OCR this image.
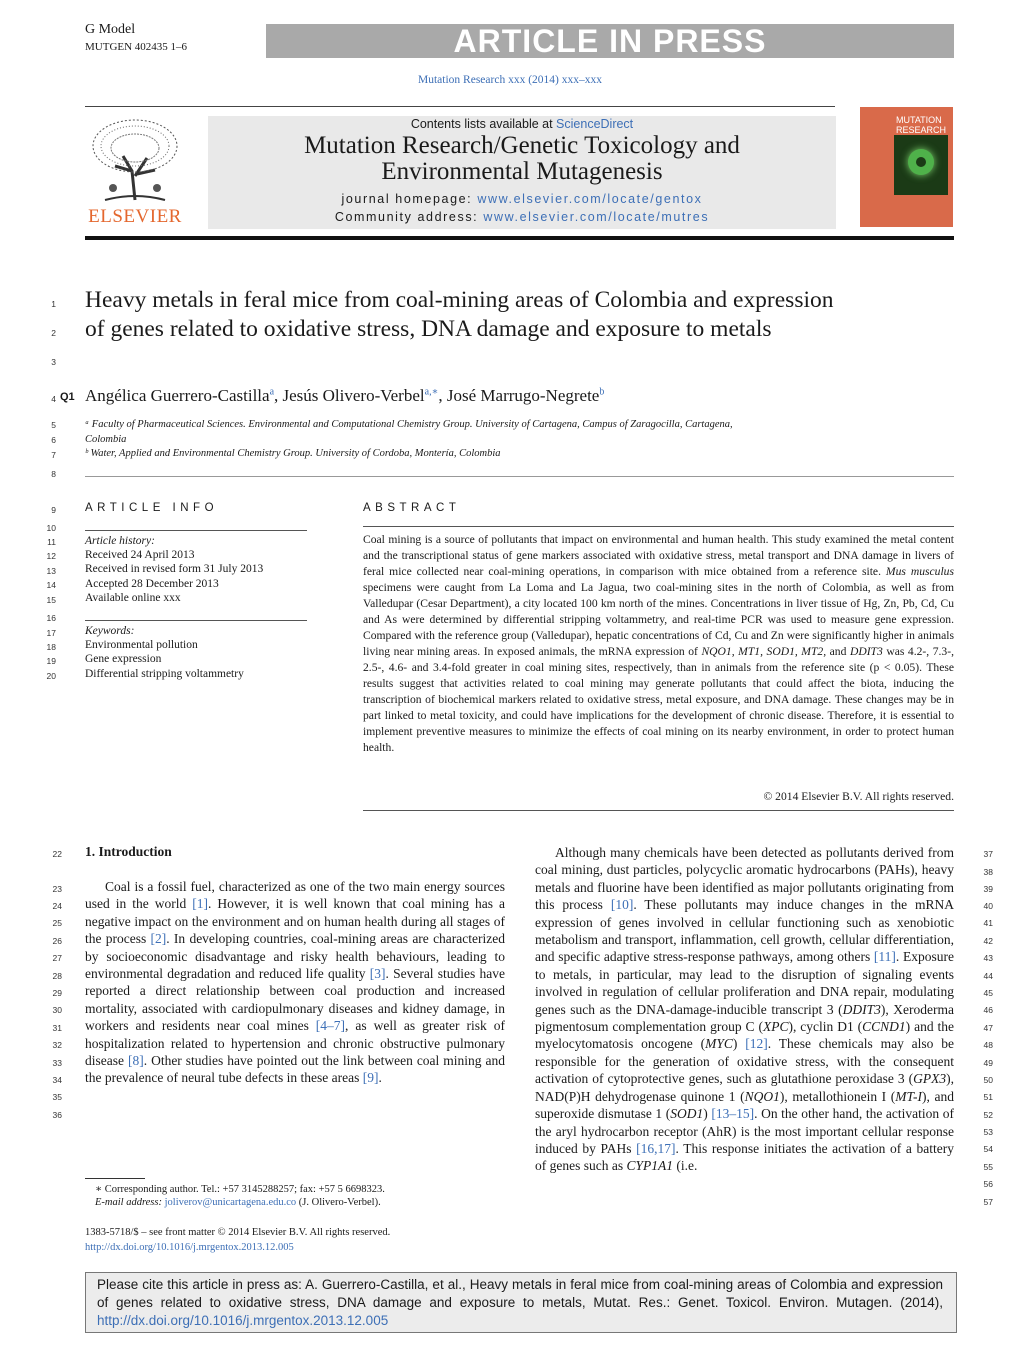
G Model
MUTGEN 402435 1–6	ARTICLE IN PRESS
Mutation Research xxx (2014) xxx–xxx
ELSEVIER
Contents lists available at ScienceDirect
Mutation Research/Genetic Toxicology and
Environmental Mutagenesis
journal homepage: www.elsevier.com/locate/gentox
Community address: www.elsevier.com/locate/mutres
MUTATION
RESEARCH
1
2
3
4
5
6
7
8
Q1
Heavy metals in feral mice from coal-mining areas of Colombia and expression of genes related to oxidative stress, DNA damage and exposure to metals
Angélica Guerrero-Castilla$^a$, Jesús Olivero-Verbel$^{a,∗}$, José Marrugo-Negrete$^b$
ᵃ Faculty of Pharmaceutical Sciences. Environmental and Computational Chemistry Group. University of Cartagena, Campus of Zaragocilla, Cartagena,
Colombia
ᵇ Water, Applied and Environmental Chemistry Group. University of Cordoba, Montería, Colombia
9
10
11
12
13
14
15
16
17
18
19
20
ARTICLE INFO
Article history:
Received 24 April 2013
Received in revised form 31 July 2013
Accepted 28 December 2013
Available online xxx
Keywords:
Environmental pollution
Gene expression
Differential stripping voltammetry
ABSTRACT
Coal mining is a source of pollutants that impact on environmental and human health. This study examined the metal content and the transcriptional status of gene markers associated with oxidative stress, metal transport and DNA damage in livers of feral mice collected near coal-mining operations, in comparison with mice obtained from a reference site. Mus musculus specimens were caught from La Loma and La Jagua, two coal-mining sites in the north of Colombia, as well as from Valledupar (Cesar Department), a city located 100 km north of the mines. Concentrations in liver tissue of Hg, Zn, Pb, Cd, Cu and As were determined by differential stripping voltammetry, and real-time PCR was used to measure gene expression. Compared with the reference group (Valledupar), hepatic concentrations of Cd, Cu and Zn were significantly higher in animals living near mining areas. In exposed animals, the mRNA expression of NQO1, MT1, SOD1, MT2, and DDIT3 was 4.2-, 7.3-, 2.5-, 4.6- and 3.4-fold greater in coal mining sites, respectively, than in animals from the reference site (p < 0.05). These results suggest that activities related to coal mining may generate pollutants that could affect the biota, inducing the transcription of biochemical markers related to oxidative stress, metal exposure, and DNA damage. These changes may be in part linked to metal toxicity, and could have implications for the development of chronic disease. Therefore, it is essential to implement preventive measures to minimize the effects of coal mining on its nearby environment, in order to protect human health.
© 2014 Elsevier B.V. All rights reserved.
22
23
24
25
26
27
28
29
30
31
32
33
34
35
36
37
38
39
40
41
42
43
44
45
46
47
48
49
50
51
52
53
54
55
56
57
1. Introduction
Coal is a fossil fuel, characterized as one of the two main energy sources used in the world [1]. However, it is well known that coal mining has a negative impact on the environment and on human health during all stages of the process [2]. In developing countries, coal-mining areas are characterized by socioeconomic disadvantage and risky health behaviours, leading to environmental degradation and reduced life quality [3]. Several studies have reported a direct relationship between coal production and increased mortality, associated with cardiopulmonary diseases and kidney damage, in workers and residents near coal mines [4–7], as well as greater risk of hospitalization related to hypertension and chronic obstructive pulmonary disease [8]. Other studies have pointed out the link between coal mining and the prevalence of neural tube defects in these areas [9].
Although many chemicals have been detected as pollutants derived from coal mining, dust particles, polycyclic aromatic hydrocarbons (PAHs), heavy metals and fluorine have been identified as major pollutants originating from this process [10]. These pollutants may induce changes in the mRNA expression of genes involved in cellular functioning such as xenobiotic metabolism and transport, inflammation, cell growth, cellular differentiation, and specific adaptive stress-response pathways, among others [11]. Exposure to metals, in particular, may lead to the disruption of signaling events involved in regulation of cellular proliferation and DNA repair, modulating genes such as the DNA-damage-inducible transcript 3 (DDIT3), Xeroderma pigmentosum complementation group C (XPC), cyclin D1 (CCND1) and the myelocytomatosis oncogene (MYC) [12]. These chemicals may also be responsible for the generation of oxidative stress, with the consequent activation of cytoprotective genes, such as glutathione peroxidase 3 (GPX3), NAD(P)H dehydrogenase quinone 1 (NQO1), metallothionein I (MT-I), and superoxide dismutase 1 (SOD1) [13–15]. On the other hand, the activation of the aryl hydrocarbon receptor (AhR) is the most important cellular response induced by PAHs [16,17]. This response initiates the activation of a battery of genes such as CYP1A1 (i.e.
∗ Corresponding author. Tel.: +57 3145288257; fax: +57 5 6698323.
E-mail address: joliverov@unicartagena.edu.co (J. Olivero-Verbel).
1383-5718/$ – see front matter © 2014 Elsevier B.V. All rights reserved.
http://dx.doi.org/10.1016/j.mrgentox.2013.12.005
Please cite this article in press as: A. Guerrero-Castilla, et al., Heavy metals in feral mice from coal-mining areas of Colombia and expression of genes related to oxidative stress, DNA damage and exposure to metals, Mutat. Res.: Genet. Toxicol. Environ. Mutagen. (2014), http://dx.doi.org/10.1016/j.mrgentox.2013.12.005
